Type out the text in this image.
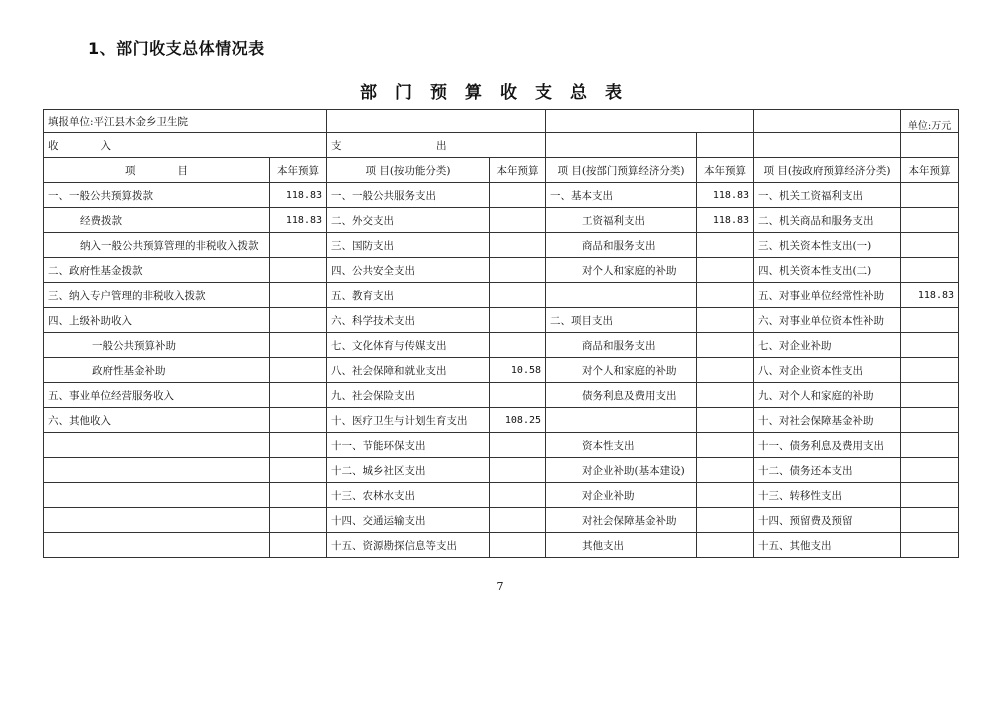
1、部门收支总体情况表
部门预算收支总表
填报单位:平江县木金乡卫生院							单位:万元
收　　　　入		支　　　　　　　　　出					
项　　　　目	本年预算	项 目(按功能分类)	本年预算	项 目(按部门预算经济分类)	本年预算	项 目(按政府预算经济分类)	本年预算
一、一般公共预算拨款	118.83	一、一般公共服务支出		一、基本支出	118.83	一、机关工资福利支出	
经费拨款	118.83	二、外交支出		工资福利支出	118.83	二、机关商品和服务支出	
纳入一般公共预算管理的非税收入拨款		三、国防支出		商品和服务支出		三、机关资本性支出(一)	
二、政府性基金拨款		四、公共安全支出		对个人和家庭的补助		四、机关资本性支出(二)	
三、纳入专户管理的非税收入拨款		五、教育支出				五、对事业单位经常性补助	118.83
四、上级补助收入		六、科学技术支出		二、项目支出		六、对事业单位资本性补助	
一般公共预算补助		七、文化体育与传媒支出		商品和服务支出		七、对企业补助	
政府性基金补助		八、社会保障和就业支出	10.58	对个人和家庭的补助		八、对企业资本性支出	
五、事业单位经营服务收入		九、社会保险支出		债务利息及费用支出		九、对个人和家庭的补助	
六、其他收入		十、医疗卫生与计划生育支出	108.25			十、对社会保障基金补助	
		十一、节能环保支出		资本性支出		十一、债务利息及费用支出	
		十二、城乡社区支出		对企业补助(基本建设)		十二、债务还本支出	
		十三、农林水支出		对企业补助		十三、转移性支出	
		十四、交通运输支出		对社会保障基金补助		十四、预留费及预留	
		十五、资源勘探信息等支出		其他支出		十五、其他支出	
7
